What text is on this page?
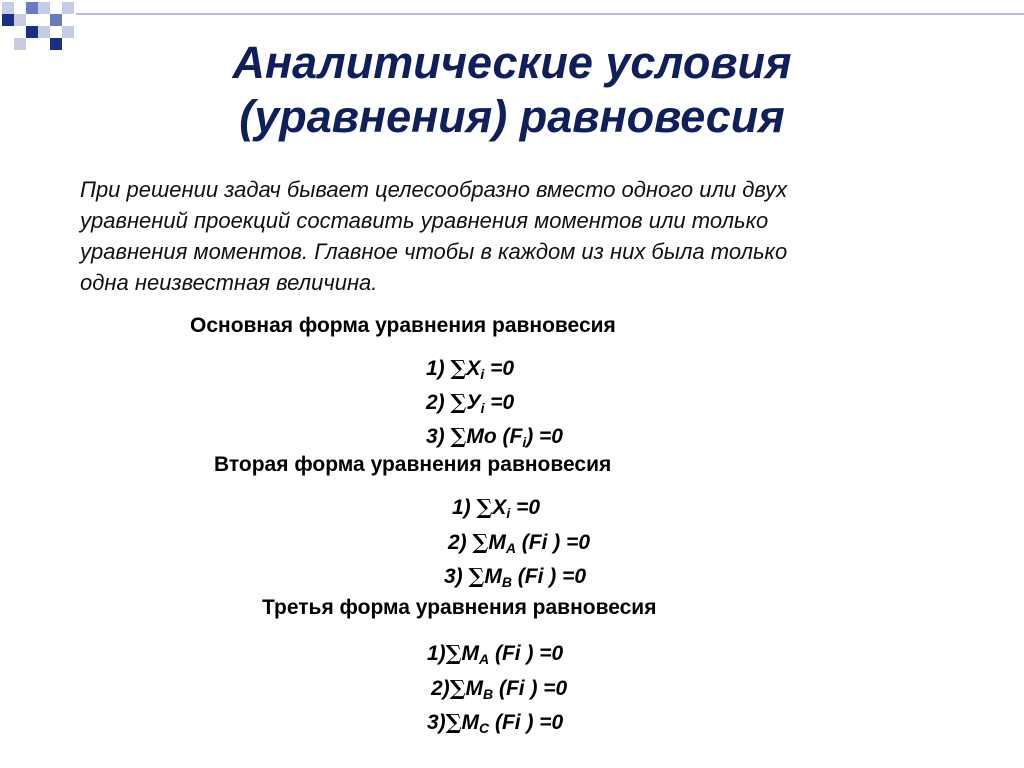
Аналитические условия
(уравнения) равновесия
При решении задач бывает целесообразно вместо одного или двух
уравнений проекций составить уравнения моментов или только
уравнения моментов. Главное чтобы в каждом из них была только
одна неизвестная величина.
Основная форма уравнения равновесия
1) $\sum X_i =0$
2) $\sum У_i =0$
3) ∑Mo $(F_i) =0$
Вторая форма уравнения равновесия
1) $\sum X_i =0$
2) $\sum M_A$ (Fi ) =0
3) $\sum M_B$ (Fi ) =0
Третья форма уравнения равновесия
$1)\sum M_A$ (Fi ) =0
$2)\sum M_B$ (Fi ) =0
$3)\sum M_C$ (Fi ) =0
